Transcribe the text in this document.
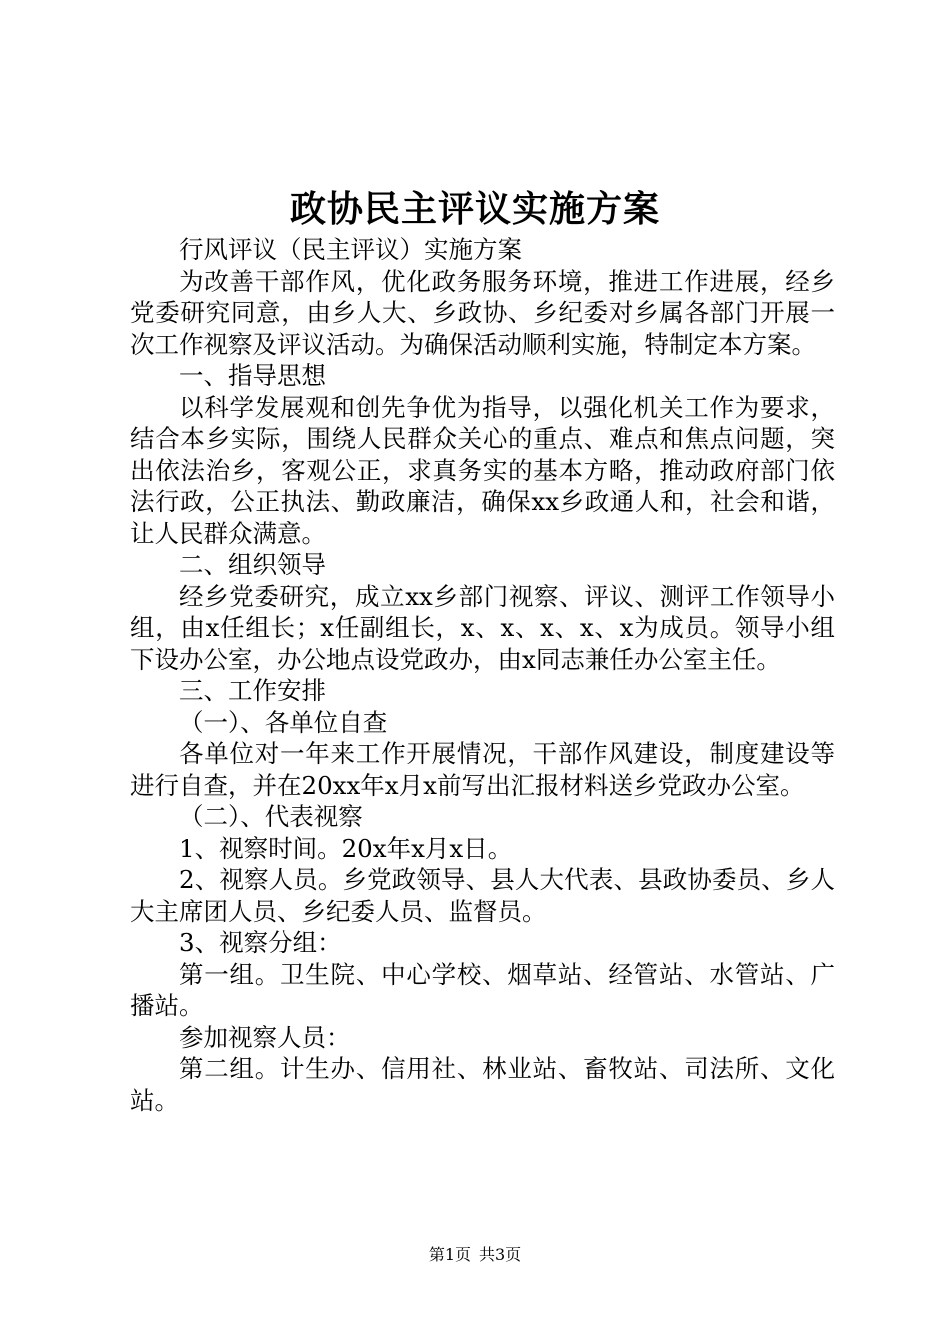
政协民主评议实施方案

行风评议（民主评议）实施方案

为改善干部作风，优化政务服务环境，推进工作进展，经乡党委研究同意，由乡人大、乡政协、乡纪委对乡属各部门开展一次工作视察及评议活动。为确保活动顺利实施，特制定本方案。

一、指导思想

以科学发展观和创先争优为指导，以强化机关工作为要求，结合本乡实际，围绕人民群众关心的重点、难点和焦点问题，突出依法治乡，客观公正，求真务实的基本方略，推动政府部门依法行政，公正执法、勤政廉洁，确保xx乡政通人和，社会和谐，让人民群众满意。

二、组织领导

经乡党委研究，成立xx乡部门视察、评议、测评工作领导小组，由x任组长；x任副组长，x、x、x、x、x为成员。领导小组下设办公室，办公地点设党政办，由x同志兼任办公室主任。

三、工作安排

（一）、各单位自查

各单位对一年来工作开展情况，干部作风建设，制度建设等进行自查，并在20xx年x月x前写出汇报材料送乡党政办公室。

（二）、代表视察

1、视察时间。20x年x月x日。

2、视察人员。乡党政领导、县人大代表、县政协委员、乡人大主席团人员、乡纪委人员、监督员。

3、视察分组：

第一组。卫生院、中心学校、烟草站、经管站、水管站、广播站。

参加视察人员：

第二组。计生办、信用社、林业站、畜牧站、司法所、文化站。

第1页 共3页
